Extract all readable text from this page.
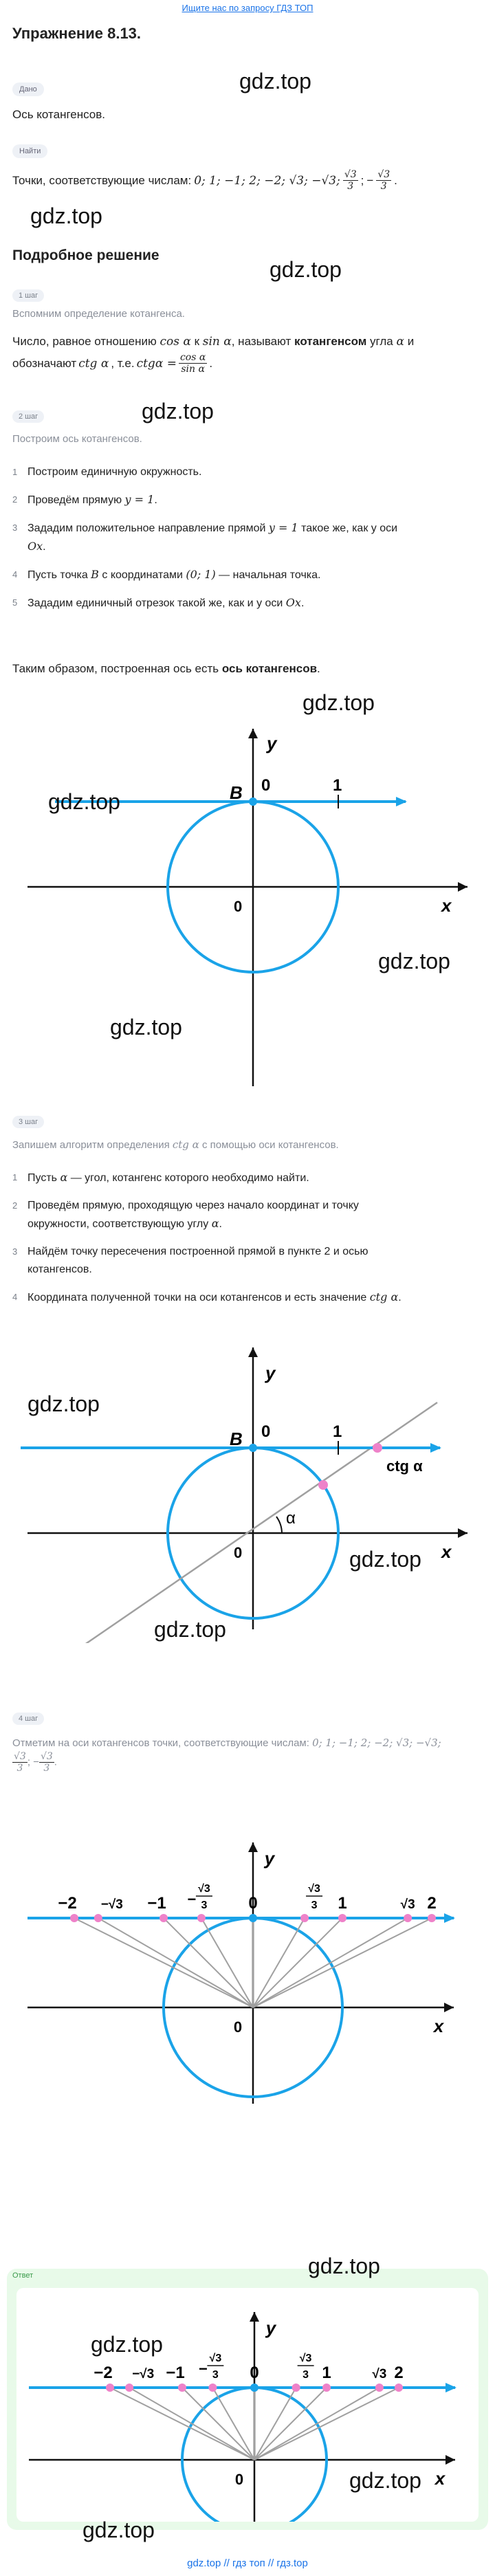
Ищите нас по запросу ГДЗ ТОП
Упражнение 8.13.
gdz.top
Дано
Ось котангенсов.
Найти
Точки, соответствующие числам: 0; 1; −1; 2; −2; √3; −√3; $\frac{√3}{3}$ ; − $\frac{√3}{3}$ .
gdz.top
Подробное решение
gdz.top
1 шаг
Вспомним определение котангенса.
Число, равное отношению cos α к sin α, называют котангенсом угла α и
обозначают ctg α , т.е. $ctg\alpha = \frac{\text{cos α}}{\text{sin α}}$ .
gdz.top
2 шаг
Построим ось котангенсов.
1 Построим единичную окружность.
2 Проведём прямую y = 1.
3 Зададим положительное направление прямой y = 1 такое же, как у оси
Ox.
4 Пусть точка B с координатами (0; 1) — начальная точка.
5 Зададим единичный отрезок такой же, как и у оси Ox.
Таким образом, построенная ось есть ось котангенсов.
y
x
0
B 0	1
gdz.top
gdz.top
gdz.top
gdz.top
3 шаг
Запишем алгоритм определения ctg α с помощью оси котангенсов.
1 Пусть α — угол, котангенс которого необходимо найти.
2 Проведём прямую, проходящую через начало координат и точку
окружности, соответствующую углу α.
3 Найдём точку пересечения построенной прямой в пункте 2 и осью
котангенсов.
4 Координата полученной точки на оси котангенсов и есть значение ctg α.
y
x
0
B 0	1
ctg α
α
gdz.top
gdz.top
gdz.top
4 шаг
Отметим на оси котангенсов точки, соответствующие числам: 0; 1; −1; 2; −2; √3; −√3;

$\frac{√3}{3}$ ; − $\frac{√3}{3}$ .
y
x
0
−2 −√3 −1	0	1	√3 2
√3
3
−
√3
3
Ответ
y
x
0
−2 −√3 −1	0	1	√3 2
√3
3
−
√3
3
gdz.top
gdz.top
gdz.top
gdz.top
gdz.top // гдз топ // гдз.top
